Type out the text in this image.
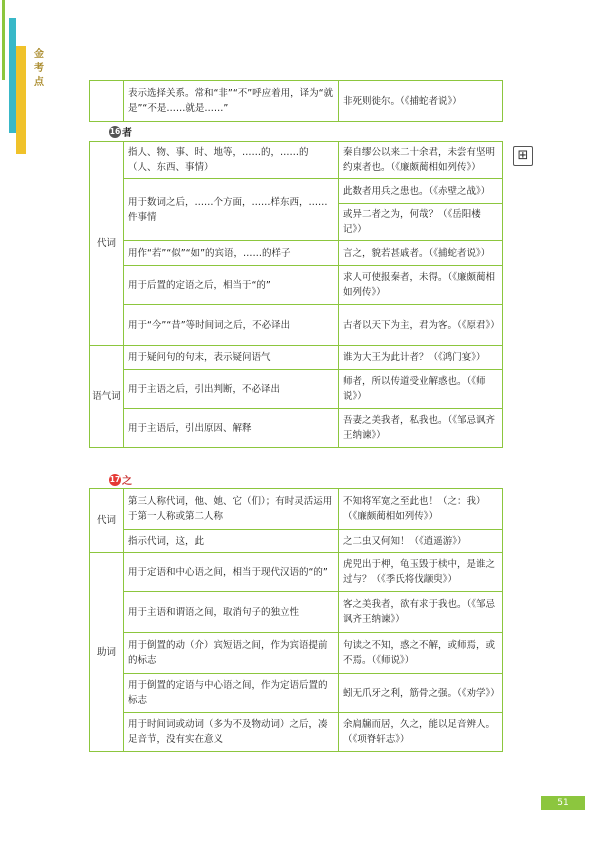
金
考
点
⊞
	表示选择关系。常和“非”“不”呼应着用，译为“就是”“不是……就是……”	非死则徙尔。（《捕蛇者说》）
16 者
代词	指人、物、事、时、地等，……的，……的（人、东西、事情）	秦自缪公以来二十余君，未尝有坚明约束者也。（《廉颇蔺相如列传》）
	用于数词之后，……个方面，……样东西，……件事情	此数者用兵之患也。（《赤壁之战》）
		或异二者之为，何哉？（《岳阳楼记》）
	用作“若”“似”“如”的宾语，……的样子	言之，貌若甚戚者。（《捕蛇者说》）
	用于后置的定语之后，相当于“的”	求人可使报秦者，未得。（《廉颇蔺相如列传》）
	用于“今”“昔”等时间词之后，不必译出	古者以天下为主，君为客。（《原君》）
语气词	用于疑问句的句末，表示疑问语气	谁为大王为此计者？（《鸿门宴》）
	用于主语之后，引出判断，不必译出	师者，所以传道受业解惑也。（《师说》）
	用于主语后，引出原因、解释	吾妻之美我者，私我也。（《邹忌讽齐王纳谏》）
17 之
代词	第三人称代词，他、她、它（们）；有时灵活运用于第一人称或第二人称	不知将军宽之至此也！（之：我）（《廉颇蔺相如列传》）
	指示代词，这，此	之二虫又何知！（《逍遥游》）
助词	用于定语和中心语之间，相当于现代汉语的“的”	虎兕出于柙，龟玉毁于椟中，是谁之过与？（《季氏将伐颛臾》）
	用于主语和谓语之间，取消句子的独立性	客之美我者，欲有求于我也。（《邹忌讽齐王纳谏》）
	用于倒置的动（介）宾短语之间，作为宾语提前的标志	句读之不知，惑之不解，或师焉，或不焉。（《师说》）
	用于倒置的定语与中心语之间，作为定语后置的标志	蚓无爪牙之利，筋骨之强。（《劝学》）
	用于时间词或动词（多为不及物动词）之后，凑足音节，没有实在意义	余扃牖而居，久之，能以足音辨人。（《项脊轩志》）
51
